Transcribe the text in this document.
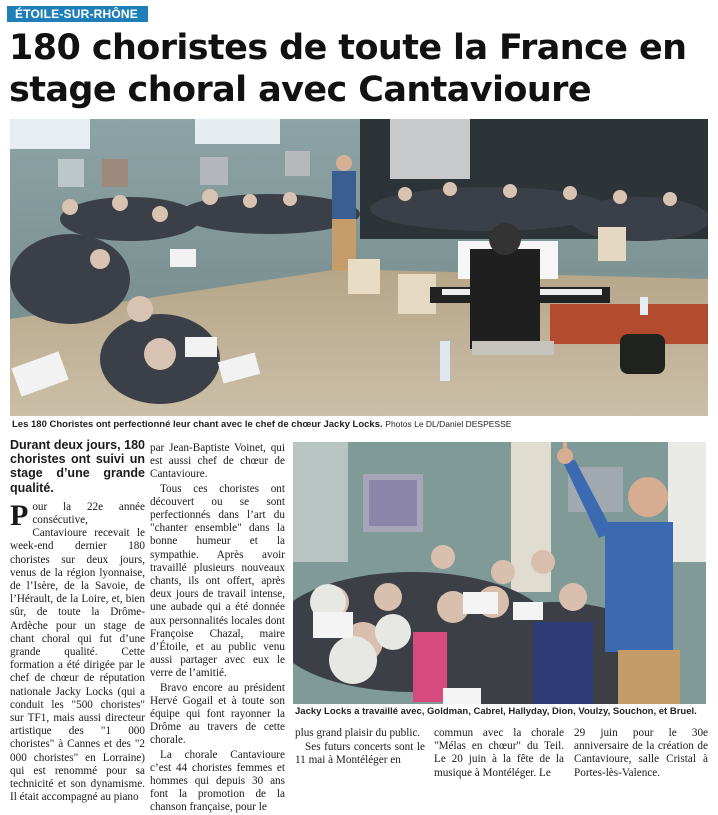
ÉTOILE-SUR-RHÔNE
180 choristes de toute la France en stage choral avec Cantavioure
Les 180 Choristes ont perfectionné leur chant avec le chef de chœur Jacky Locks. Photos Le DL/Daniel DESPESSE
Jacky Locks a travaillé avec, Goldman, Cabrel, Hallyday, Dion, Voulzy, Souchon, et Bruel.

Durant deux jours, 180 choristes ont suivi un stage d’une grande qualité.

Pour la 22e année consécutive, Cantavioure recevait le week-end dernier 180 choristes sur deux jours, venus de la région lyonnaise, de l’Isère, de la Savoie, de l’Hérault, de la Loire, et, bien sûr, de toute la Drôme-Ardèche pour un stage de chant choral qui fut d’une grande qualité. Cette formation a été dirigée par le chef de chœur de réputation nationale Jacky Locks (qui a conduit les "500 choristes" sur TF1, mais aussi directeur artistique des "1 000 choristes" à Cannes et des "2 000 choristes" en Lorraine) qui est renommé pour sa technicité et son dynamisme. Il était accompagné au piano

par Jean-Baptiste Voinet, qui est aussi chef de chœur de Cantavioure.

Tous ces choristes ont découvert ou se sont perfectionnés dans l’art du "chanter ensemble" dans la bonne humeur et la sympathie. Après avoir travaillé plusieurs nouveaux chants, ils ont offert, après deux jours de travail intense, une aubade qui a été donnée aux personnalités locales dont Françoise Chazal, maire d’Étoile, et au public venu aussi partager avec eux le verre de l’amitié.

Bravo encore au président Hervé Gogail et à toute son équipe qui font rayonner la Drôme au travers de cette chorale.

La chorale Cantavioure c’est 44 choristes femmes et hommes qui depuis 30 ans font la promotion de la chanson française, pour le

plus grand plaisir du public.

Ses futurs concerts sont le 11 mai à Montéléger en

commun avec la chorale "Mélas en chœur" du Teil. Le 20 juin à la fête de la musique à Montéléger. Le

29 juin pour le 30e anniversaire de la création de Cantavioure, salle Cristal à Portes-lès-Valence.
